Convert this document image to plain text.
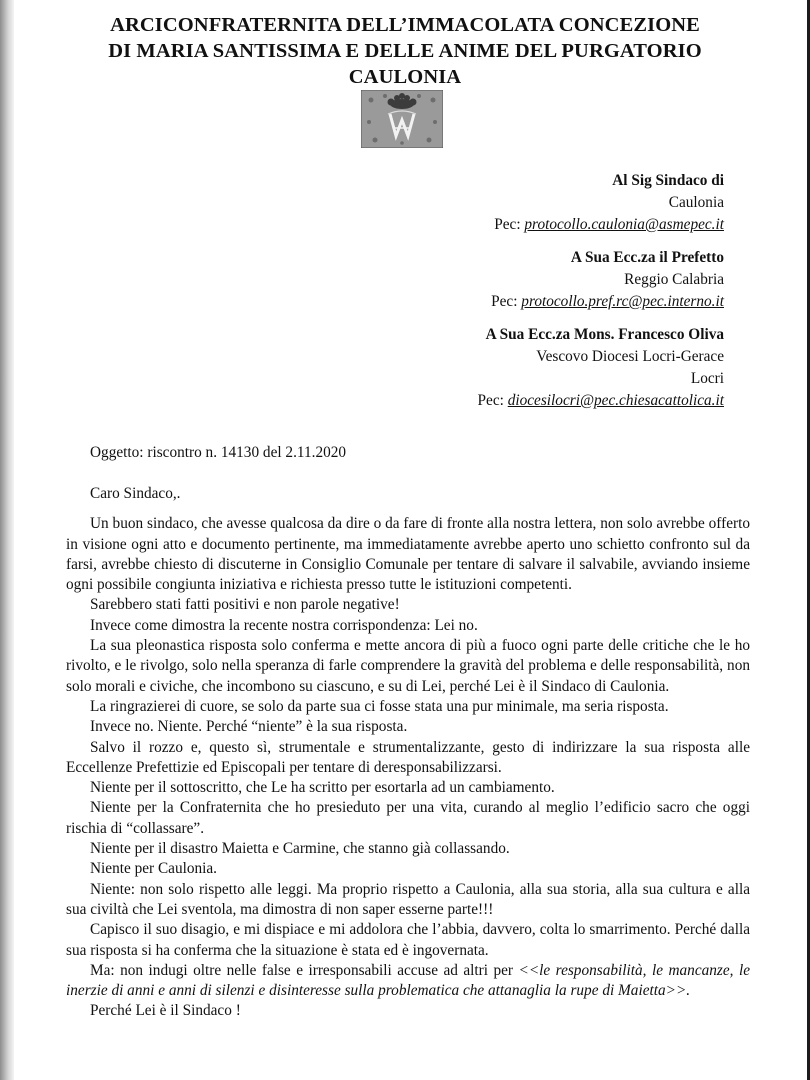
ARCICONFRATERNITA DELL’IMMACOLATA CONCEZIONE
DI MARIA SANTISSIMA E DELLE ANIME DEL PURGATORIO
CAULONIA
Al Sig Sindaco di
Caulonia
Pec: protocollo.caulonia@asmepec.it
A Sua Ecc.za il Prefetto
Reggio Calabria
Pec: protocollo.pref.rc@pec.interno.it
A Sua Ecc.za Mons. Francesco Oliva
Vescovo Diocesi Locri-Gerace
Locri
Pec: diocesilocri@pec.chiesacattolica.it
Oggetto: riscontro n. 14130 del 2.11.2020
Caro Sindaco,.

Un buon sindaco, che avesse qualcosa da dire o da fare di fronte alla nostra lettera, non solo avrebbe offerto in visione ogni atto e documento pertinente, ma immediatamente avrebbe aperto uno schietto confronto sul da farsi, avrebbe chiesto di discuterne in Consiglio Comunale per tentare di salvare il salvabile, avviando insieme ogni possibile congiunta iniziativa e richiesta presso tutte le istituzioni competenti.

Sarebbero stati fatti positivi e non parole negative!

Invece come dimostra la recente nostra corrispondenza: Lei no.

La sua pleonastica risposta solo conferma e mette ancora di più a fuoco ogni parte delle critiche che le ho rivolto, e le rivolgo, solo nella speranza di farle comprendere la gravità del problema e delle responsabilità, non solo morali e civiche, che incombono su ciascuno, e su di Lei, perché Lei è il Sindaco di Caulonia.

La ringrazierei di cuore, se solo da parte sua ci fosse stata una pur minimale, ma seria risposta.

Invece no. Niente. Perché “niente” è la sua risposta.

Salvo il rozzo e, questo sì, strumentale e strumentalizzante, gesto di indirizzare la sua risposta alle Eccellenze Prefettizie ed Episcopali per tentare di deresponsabilizzarsi.

Niente per il sottoscritto, che Le ha scritto per esortarla ad un cambiamento.

Niente per la Confraternita che ho presieduto per una vita, curando al meglio l’edificio sacro che oggi rischia di “collassare”.

Niente per il disastro Maietta e Carmine, che stanno già collassando.

Niente per Caulonia.

Niente: non solo rispetto alle leggi. Ma proprio rispetto a Caulonia, alla sua storia, alla sua cultura e alla sua civiltà che Lei sventola, ma dimostra di non saper esserne parte!!!

Capisco il suo disagio, e mi dispiace e mi addolora che l’abbia, davvero, colta lo smarrimento. Perché dalla sua risposta si ha conferma che la situazione è stata ed è ingovernata.

Ma: non indugi oltre nelle false e irresponsabili accuse ad altri per <<le responsabilità, le mancanze, le inerzie di anni e anni di silenzi e disinteresse sulla problematica che attanaglia la rupe di Maietta>>.

Perché Lei è il Sindaco !
